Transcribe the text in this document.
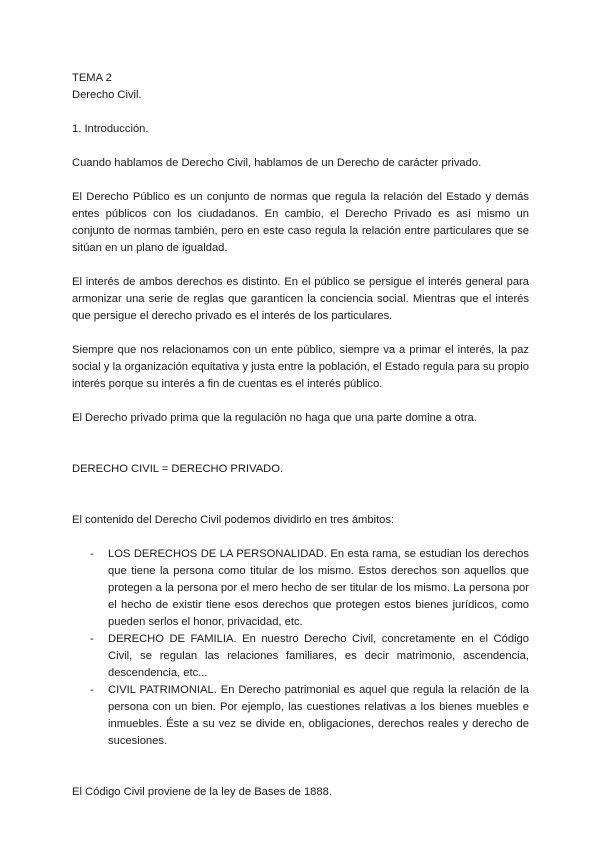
TEMA 2

Derecho Civil.

1. Introducción.

Cuando hablamos de Derecho Civil, hablamos de un Derecho de carácter privado.

El Derecho Público es un conjunto de normas que regula la relación del Estado y demás entes públicos con los ciudadanos. En cambio, el Derecho Privado es así mismo un conjunto de normas también, pero en este caso regula la relación entre particulares que se sitúan en un plano de igualdad.

El interés de ambos derechos es distinto. En el público se persigue el interés general para armonizar una serie de reglas que garanticen la conciencia social. Mientras que el interés que persigue el derecho privado es el interés de los particulares.

Siempre que nos relacionamos con un ente público, siempre va a primar el interés, la paz social y la organización equitativa y justa entre la población, el Estado regula para su propio interés porque su interés a fin de cuentas es el interés público.

El Derecho privado prima que la regulación no haga que una parte domine a otra.

DERECHO CIVIL = DERECHO PRIVADO.

El contenido del Derecho Civil podemos dividirlo en tres ámbitos:

- LOS DERECHOS DE LA PERSONALIDAD. En esta rama, se estudian los derechos que tiene la persona como titular de los mismo. Estos derechos son aquellos que protegen a la persona por el mero hecho de ser titular de los mismo. La persona por el hecho de existir tiene esos derechos que protegen estos bienes jurídicos, como pueden serlos el honor, privacidad, etc.
- DERECHO DE FAMILIA. En nuestro Derecho Civil, concretamente en el Código Civil, se regulan las relaciones familiares, es decir matrimonio, ascendencia, descendencia, etc...
- CIVIL PATRIMONIAL. En Derecho patrimonial es aquel que regula la relación de la persona con un bien. Por ejemplo, las cuestiones relativas a los bienes muebles e inmuebles. Éste a su vez se divide en, obligaciones, derechos reales y derecho de sucesiones.

El Código Civil proviene de la ley de Bases de 1888.
